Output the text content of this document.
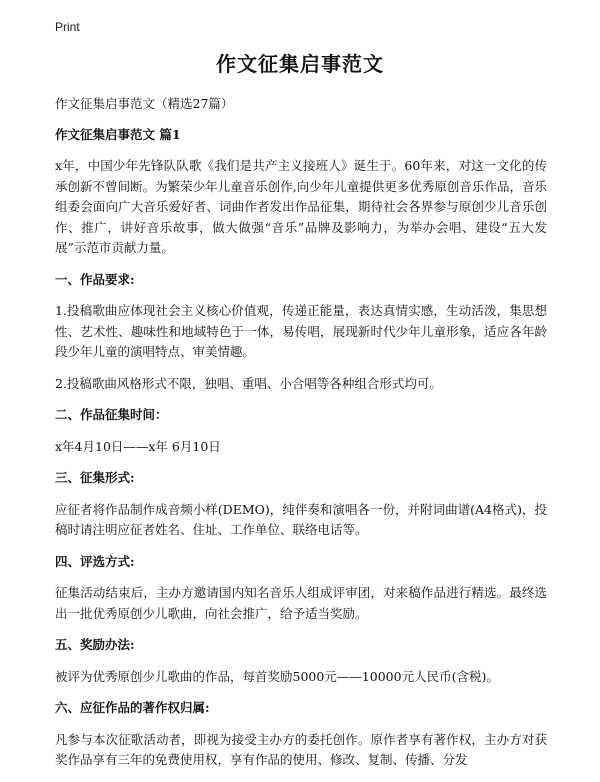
Print
作文征集启事范文

作文征集启事范文（精选27篇）

作文征集启事范文 篇1

x年，中国少年先锋队队歌《我们是共产主义接班人》诞生于。60年来，对这一文化的传承创新不曾间断。为繁荣少年儿童音乐创作,向少年儿童提供更多优秀原创音乐作品，音乐组委会面向广大音乐爱好者、词曲作者发出作品征集，期待社会各界参与原创少儿音乐创作、推广，讲好音乐故事，做大做强“音乐”品牌及影响力，为举办会唱、建设“五大发展”示范市贡献力量。

一、作品要求:

1.投稿歌曲应体现社会主义核心价值观，传递正能量，表达真情实感，生动活泼，集思想性、艺术性、趣味性和地域特色于一体，易传唱，展现新时代少年儿童形象，适应各年龄段少年儿童的演唱特点、审美情趣。

2.投稿歌曲风格形式不限，独唱、重唱、小合唱等各种组合形式均可。

二、作品征集时间：

x年4月10日——x年 6月10日

三、征集形式:

应征者将作品制作成音频小样(DEMO)，纯伴奏和演唱各一份，并附词曲谱(A4格式)，投稿时请注明应征者姓名、住址、工作单位、联络电话等。

四、评选方式:

征集活动结束后，主办方邀请国内知名音乐人组成评审团，对来稿作品进行精选。最终选出一批优秀原创少儿歌曲，向社会推广，给予适当奖励。

五、奖励办法:

被评为优秀原创少儿歌曲的作品，每首奖励5000元——10000元人民币(含税)。

六、应征作品的著作权归属:

凡参与本次征歌活动者，即视为接受主办方的委托创作。原作者享有著作权，主办方对获奖作品享有三年的免费使用权，享有作品的使用、修改、复制、传播、分发
